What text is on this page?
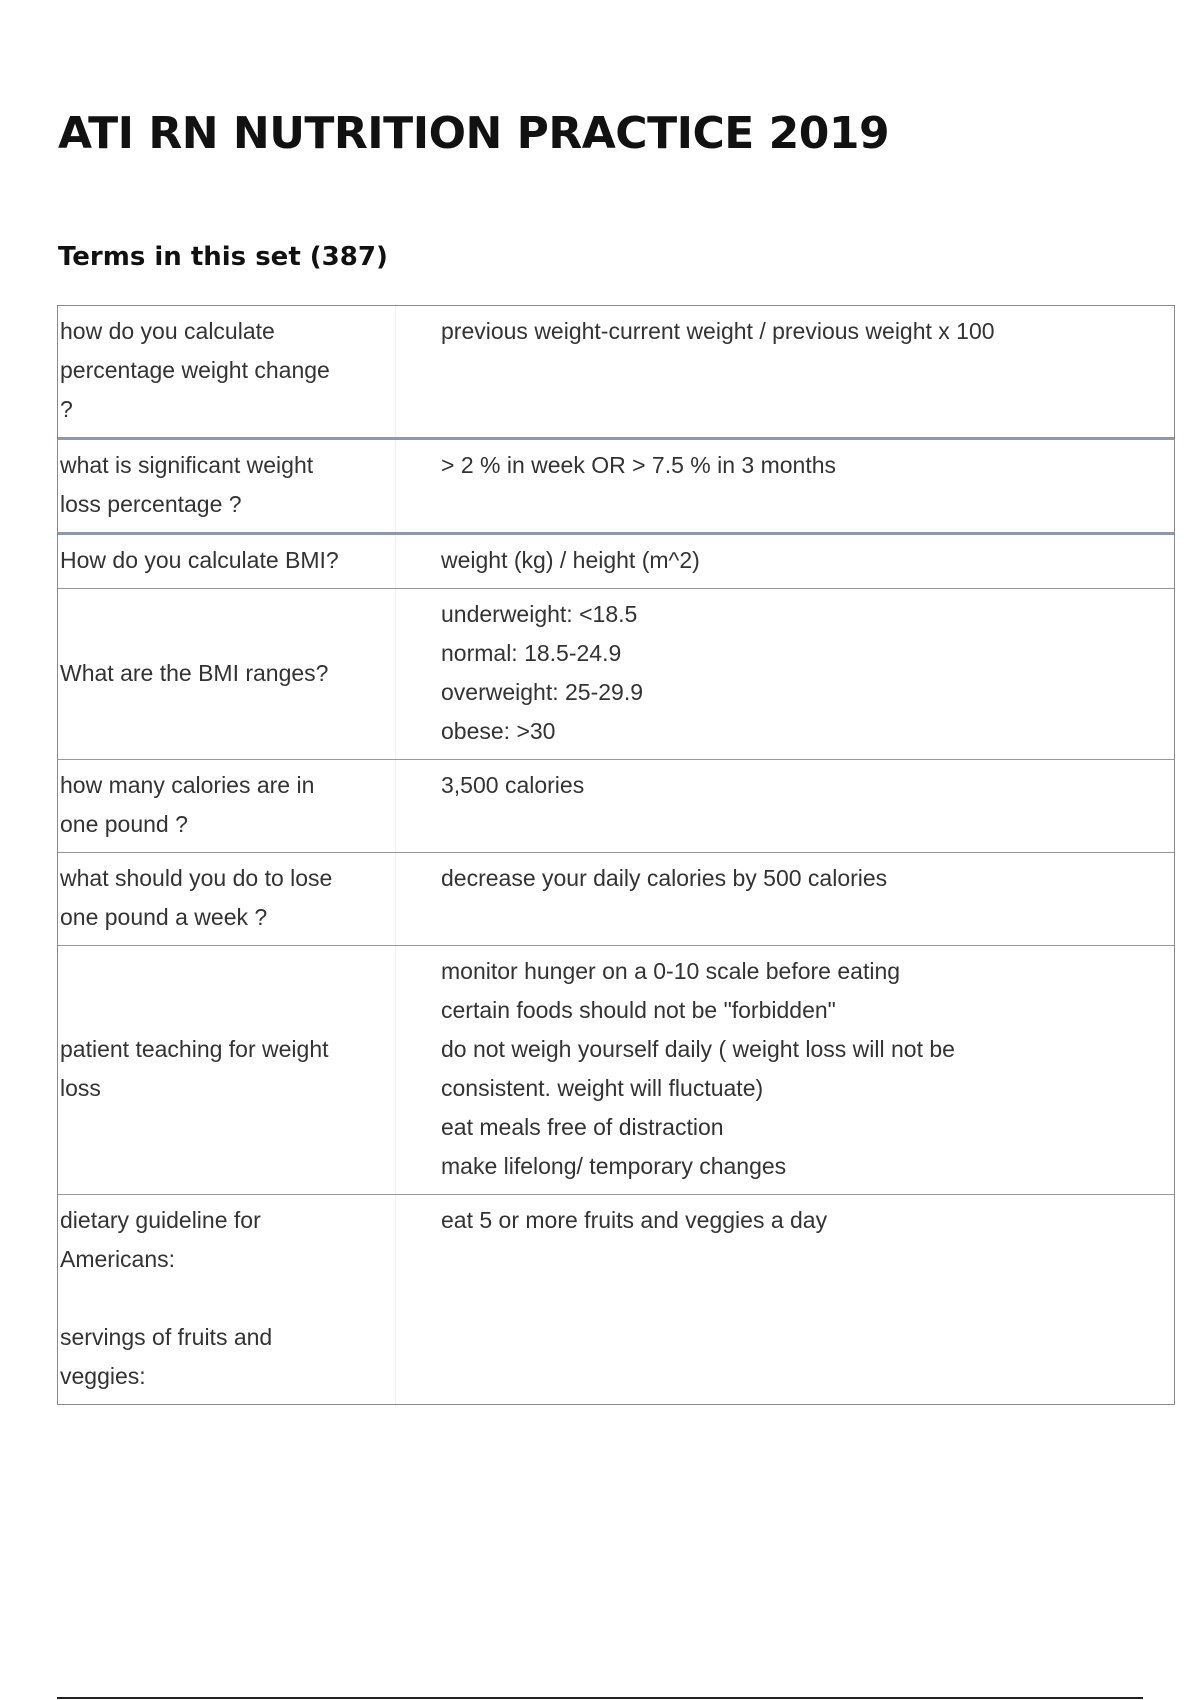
ATI RN NUTRITION PRACTICE 2019
Terms in this set (387)
how do you calculate
percentage weight change
?
previous weight-current weight / previous weight x 100
what is significant weight
loss percentage ?
> 2 % in week OR > 7.5 % in 3 months
How do you calculate BMI?	weight (kg) / height (m^2)
What are the BMI ranges?
underweight: <18.5
normal: 18.5-24.9
overweight: 25-29.9
obese: >30
how many calories are in
one pound ?
3,500 calories
what should you do to lose
one pound a week ?
decrease your daily calories by 500 calories
patient teaching for weight
loss
monitor hunger on a 0-10 scale before eating
certain foods should not be "forbidden"
do not weigh yourself daily ( weight loss will not be
consistent. weight will fluctuate)
eat meals free of distraction
make lifelong/ temporary changes
dietary guideline for
Americans:

servings of fruits and
veggies:
eat 5 or more fruits and veggies a day
